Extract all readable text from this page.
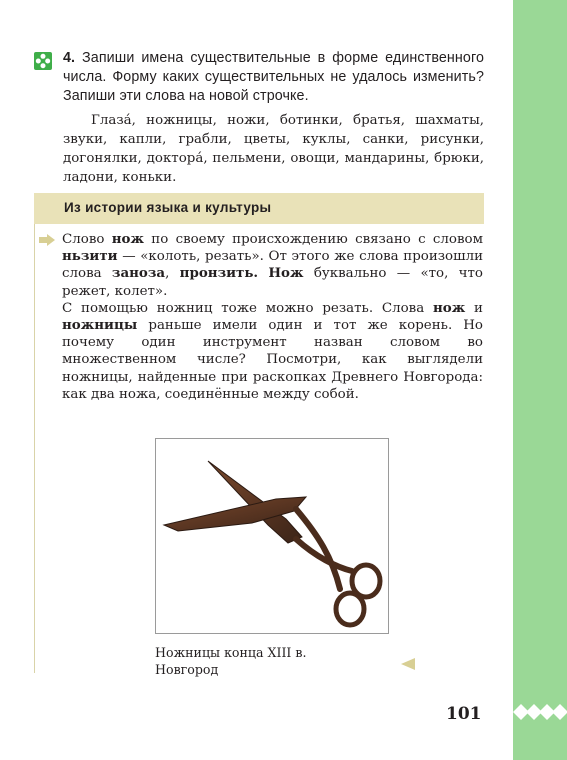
4. Запиши имена существительные в форме единственного числа. Форму каких существительных не удалось изменить? Запиши эти слова на новой строчке.
Глаза́, ножницы, ножи, ботинки, братья, шахматы, звуки, капли, грабли, цветы, куклы, санки, рисунки, догонялки, доктора́, пельмени, овощи, мандарины, брюки, ладони, коньки.
Из истории языка и культуры

Слово нож по своему происхождению связано с словом ньзити — «колоть, резать». От этого же слова произошли слова заноза, пронзить. Нож буквально — «то, что режет, колет».

С помощью ножниц тоже можно резать. Слова нож и ножницы раньше имели один и тот же корень. Но почему один инструмент назван словом во множественном числе? Посмотри, как выглядели ножницы, найденные при раскопках Древнего Новгорода: как два ножа, соединённые между собой.

Ножницы конца XIII в.
Новгород
101
